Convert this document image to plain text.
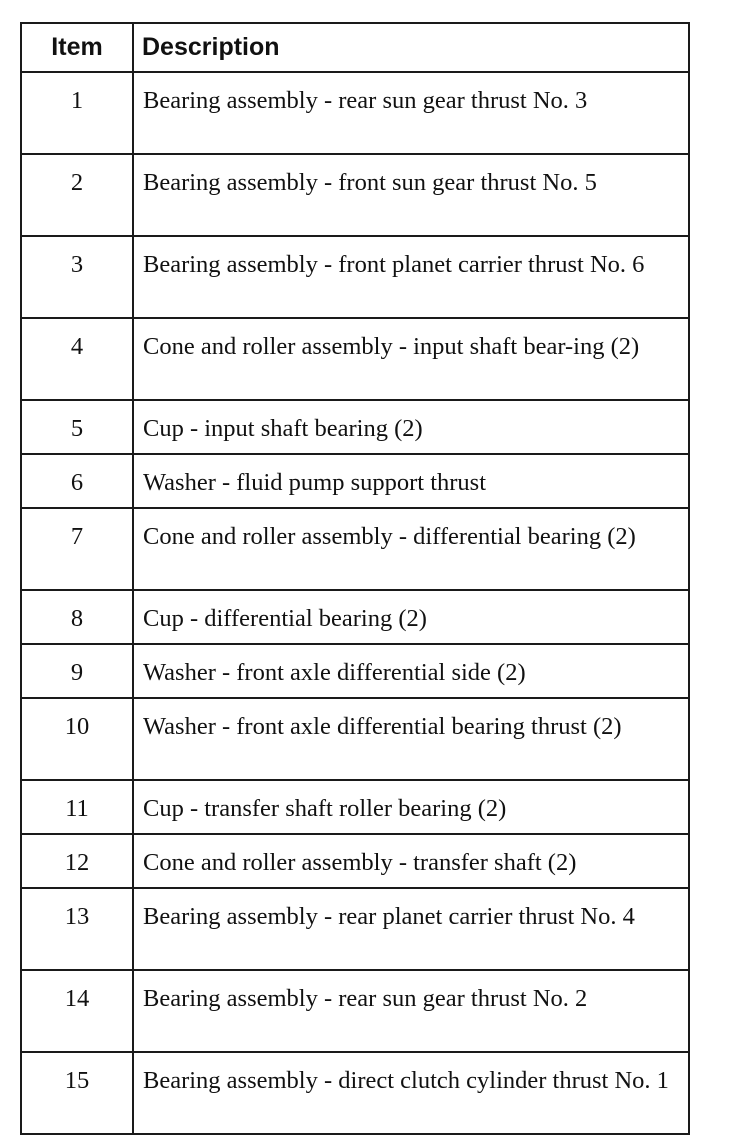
Item	Description
1	Bearing assembly - rear sun gear thrust No. 3
2	Bearing assembly - front sun gear thrust No. 5
3	Bearing assembly - front planet carrier thrust No. 6
4	Cone and roller assembly - input shaft bear-ing (2)
5	Cup - input shaft bearing (2)
6	Washer - fluid pump support thrust
7	Cone and roller assembly - differential bearing (2)
8	Cup - differential bearing (2)
9	Washer - front axle differential side (2)
10	Washer - front axle differential bearing thrust (2)
11	Cup - transfer shaft roller bearing (2)
12	Cone and roller assembly - transfer shaft (2)
13	Bearing assembly - rear planet carrier thrust No. 4
14	Bearing assembly - rear sun gear thrust No. 2
15	Bearing assembly - direct clutch cylinder thrust No. 1
